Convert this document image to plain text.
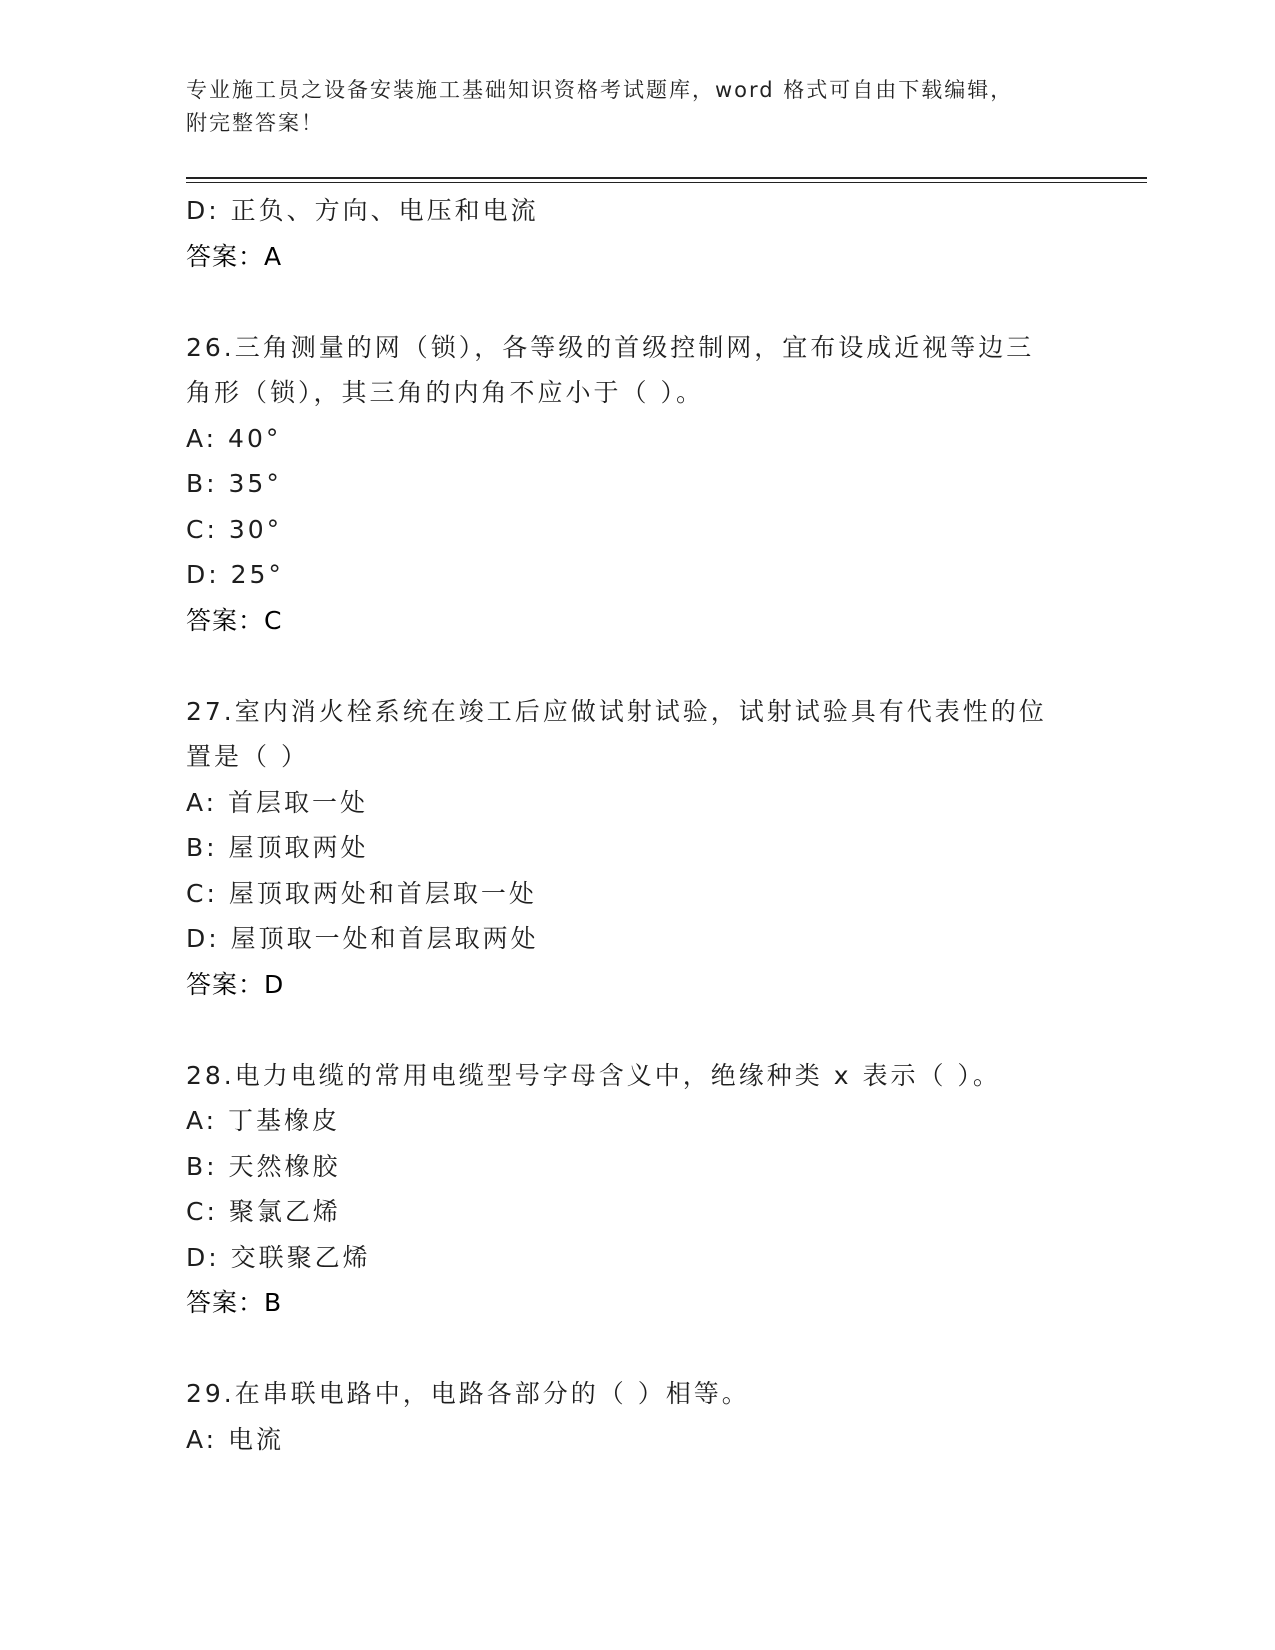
专业施工员之设备安装施工基础知识资格考试题库，word 格式可自由下载编辑，
附完整答案！
D: 正负、方向、电压和电流
答案：A
26.三角测量的网（锁），各等级的首级控制网，宜布设成近视等边三
角形（锁），其三角的内角不应小于（ ）。
A: 40°
B: 35°
C: 30°
D: 25°
答案：C
27.室内消火栓系统在竣工后应做试射试验，试射试验具有代表性的位
置是（ ）
A: 首层取一处
B: 屋顶取两处
C: 屋顶取两处和首层取一处
D: 屋顶取一处和首层取两处
答案：D
28.电力电缆的常用电缆型号字母含义中，绝缘种类 x 表示（ ）。
A: 丁基橡皮
B: 天然橡胶
C: 聚氯乙烯
D: 交联聚乙烯
答案：B
29.在串联电路中，电路各部分的（ ）相等。
A: 电流
